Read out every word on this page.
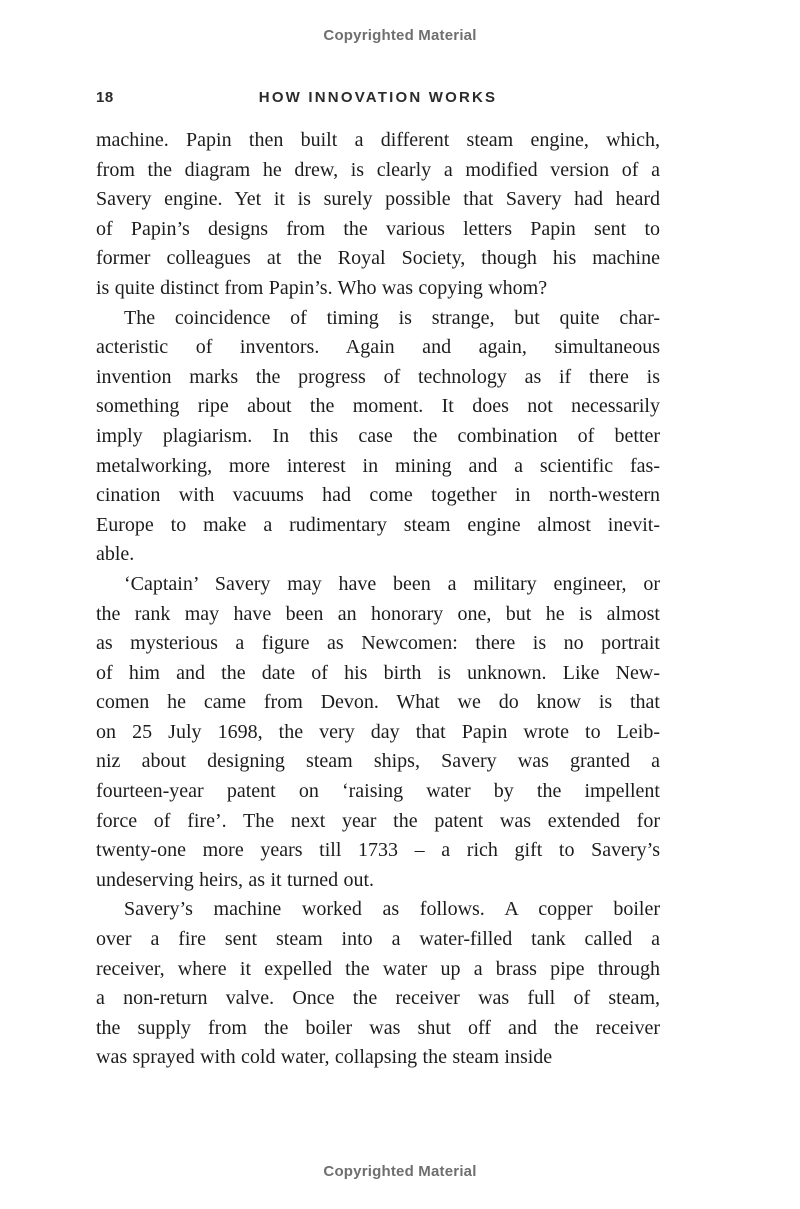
Copyrighted Material
18	HOW INNOVATION WORKS
machine. Papin then built a different steam engine, which,
from the diagram he drew, is clearly a modified version of a
Savery engine. Yet it is surely possible that Savery had heard
of Papin’s designs from the various letters Papin sent to
former colleagues at the Royal Society, though his machine
is quite distinct from Papin’s. Who was copying whom?
The coincidence of timing is strange, but quite char-
acteristic of inventors. Again and again, simultaneous
invention marks the progress of technology as if there is
something ripe about the moment. It does not necessarily
imply plagiarism. In this case the combination of better
metalworking, more interest in mining and a scientific fas-
cination with vacuums had come together in north-western
Europe to make a rudimentary steam engine almost inevit-
able.
‘Captain’ Savery may have been a military engineer, or
the rank may have been an honorary one, but he is almost
as mysterious a figure as Newcomen: there is no portrait
of him and the date of his birth is unknown. Like New-
comen he came from Devon. What we do know is that
on 25 July 1698, the very day that Papin wrote to Leib-
niz about designing steam ships, Savery was granted a
fourteen-year patent on ‘raising water by the impellent
force of fire’. The next year the patent was extended for
twenty-one more years till 1733 – a rich gift to Savery’s
undeserving heirs, as it turned out.
Savery’s machine worked as follows. A copper boiler
over a fire sent steam into a water-filled tank called a
receiver, where it expelled the water up a brass pipe through
a non-return valve. Once the receiver was full of steam,
the supply from the boiler was shut off and the receiver
was sprayed with cold water, collapsing the steam inside
Copyrighted Material
